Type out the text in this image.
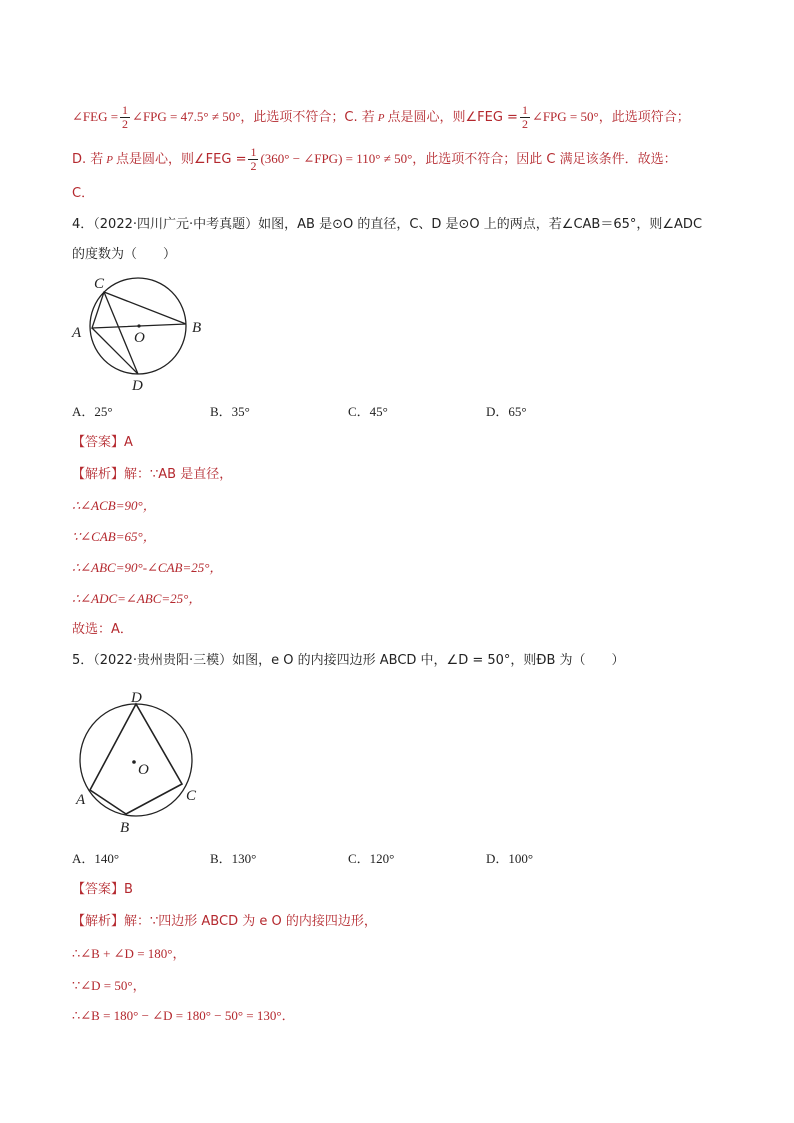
∠FEG = $\frac{1}{2}$ ∠FPG = 47.5° ≠ 50°，此选项不符合；C. 若 P 点是圆心，则∠FEG = $\frac{1}{2}$ ∠FPG = 50°，此选项符合；
D. 若 P 点是圆心，则∠FEG = $\frac{1}{2} (360^\circ$ − ∠FPG) = 110° ≠ 50°，此选项不符合；因此 C 满足该条件．故选：
C．
4．（2022·四川广元·中考真题）如图，AB 是⊙O 的直径，C、D 是⊙O 上的两点，若∠CAB＝65°，则∠ADC
的度数为（　　）
A	B
C
D
O
A．25°	B．35°	C．45°	D．65°
【答案】A
【解析】解：∵AB 是直径，
∴∠ACB=90°，
∵∠CAB=65°，
∴∠ABC=90°-∠CAB=25°，
∴∠ADC=∠ABC=25°，
故选：A．
5．（2022·贵州贵阳·三模）如图，e O 的内接四边形 ABCD 中，∠D = 50°，则ÐB 为（　　）
D
A
B
C
O
A．140°	B．130°	C．120°	D．100°
【答案】B
【解析】解：∵四边形 ABCD 为 e O 的内接四边形，
∴∠B + ∠D = 180°，
∵∠D = 50°，
∴∠B = 180° − ∠D = 180° − 50° = 130°．
